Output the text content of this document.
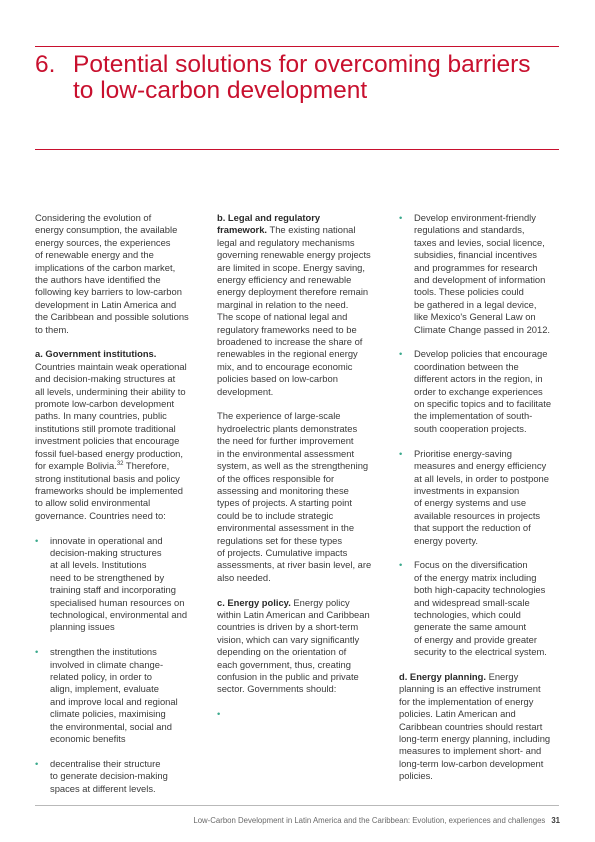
6. Potential solutions for overcoming barriers
to low-carbon development

Considering the evolution of
energy consumption, the available
energy sources, the experiences
of renewable energy and the
implications of the carbon market,
the authors have identified the
following key barriers to low-carbon
development in Latin America and
the Caribbean and possible solutions
to them.

a. Government institutions.
Countries maintain weak operational
and decision-making structures at
all levels, undermining their ability to
promote low-carbon development
paths. In many countries, public
institutions still promote traditional
investment policies that encourage
fossil fuel-based energy production,
for example Bolivia.$^{32}$ Therefore,
strong institutional basis and policy
frameworks should be implemented
to allow solid environmental
governance. Countries need to:

• innovate in operational and
decision-making structures
at all levels. Institutions
need to be strengthened by
training staff and incorporating
specialised human resources on
technological, environmental and
planning issues
• strengthen the institutions
involved in climate change-
related policy, in order to
align, implement, evaluate
and improve local and regional
climate policies, maximising
the environmental, social and
economic benefits
• decentralise their structure
to generate decision-making
spaces at different levels.

b. Legal and regulatory
framework. The existing national
legal and regulatory mechanisms
governing renewable energy projects
are limited in scope. Energy saving,
energy efficiency and renewable
energy deployment therefore remain
marginal in relation to the need.
The scope of national legal and
regulatory frameworks need to be
broadened to increase the share of
renewables in the regional energy
mix, and to encourage economic
policies based on low-carbon
development.

The experience of large-scale
hydroelectric plants demonstrates
the need for further improvement
in the environmental assessment
system, as well as the strengthening
of the offices responsible for
assessing and monitoring these
types of projects. A starting point
could be to include strategic
environmental assessment in the
regulations set for these types
of projects. Cumulative impacts
assessments, at river basin level, are
also needed.

c. Energy policy. Energy policy
within Latin American and Caribbean
countries is driven by a short-term
vision, which can vary significantly
depending on the orientation of
each government, thus, creating
confusion in the public and private
sector. Governments should:

•
• Develop environment-friendly
regulations and standards,
taxes and levies, social licence,
subsidies, financial incentives
and programmes for research
and development of information
tools. These policies could
be gathered in a legal device,
like Mexico's General Law on
Climate Change passed in 2012.
• Develop policies that encourage
coordination between the
different actors in the region, in
order to exchange experiences
on specific topics and to facilitate
the implementation of south-
south cooperation projects.
• Prioritise energy-saving
measures and energy efficiency
at all levels, in order to postpone
investments in expansion
of energy systems and use
available resources in projects
that support the reduction of
energy poverty.
• Focus on the diversification
of the energy matrix including
both high-capacity technologies
and widespread small-scale
technologies, which could
generate the same amount
of energy and provide greater
security to the electrical system.

d. Energy planning. Energy
planning is an effective instrument
for the implementation of energy
policies. Latin American and
Caribbean countries should restart
long-term energy planning, including
measures to implement short- and
long-term low-carbon development
policies.

Low-Carbon Development in Latin America and the Caribbean: Evolution, experiences and challenges 31
